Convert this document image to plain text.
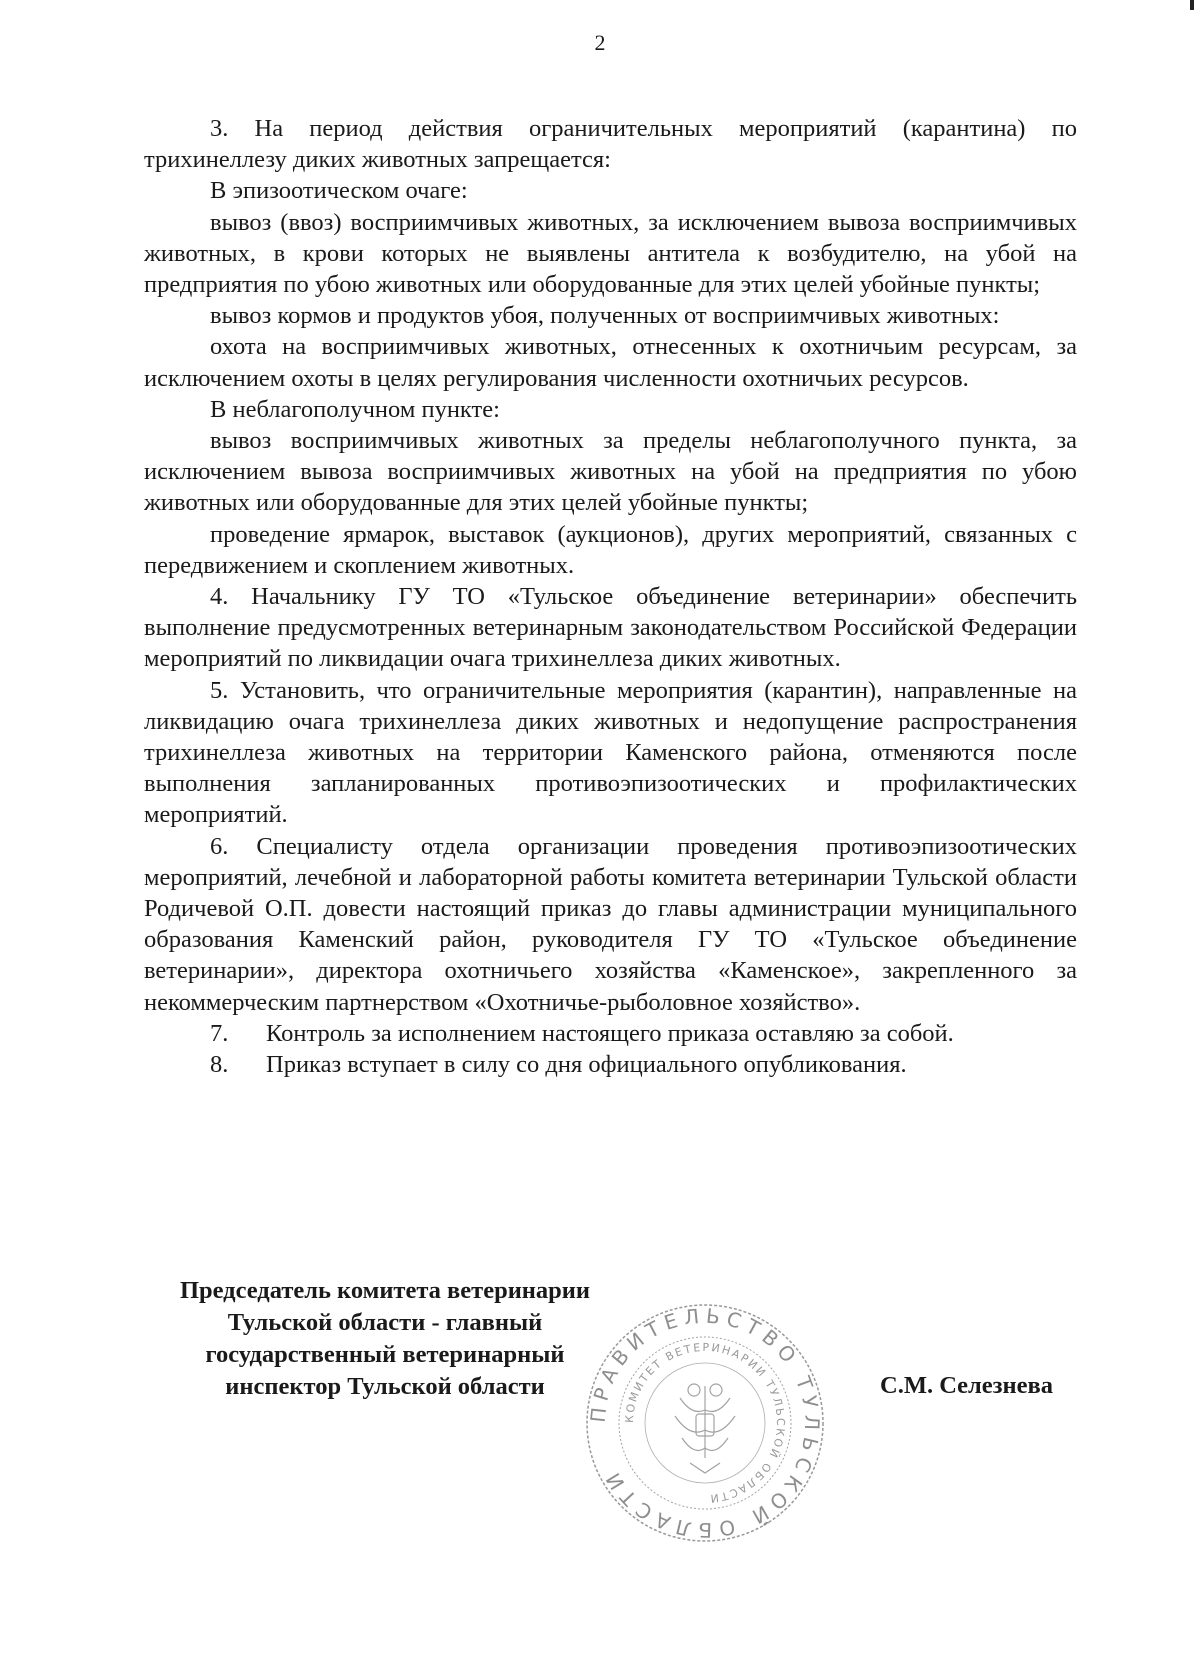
2

3. На период действия ограничительных мероприятий (карантина) по трихинеллезу диких животных запрещается:

В эпизоотическом очаге:

вывоз (ввоз) восприимчивых животных, за исключением вывоза восприимчивых животных, в крови которых не выявлены антитела к возбудителю, на убой на предприятия по убою животных или оборудованные для этих целей убойные пункты;

вывоз кормов и продуктов убоя, полученных от восприимчивых животных:

охота на восприимчивых животных, отнесенных к охотничьим ресурсам, за исключением охоты в целях регулирования численности охотничьих ресурсов.

В неблагополучном пункте:

вывоз восприимчивых животных за пределы неблагополучного пункта, за исключением вывоза восприимчивых животных на убой на предприятия по убою животных или оборудованные для этих целей убойные пункты;

проведение ярмарок, выставок (аукционов), других мероприятий, связанных с передвижением и скоплением животных.

4. Начальнику ГУ ТО «Тульское объединение ветеринарии» обеспечить выполнение предусмотренных ветеринарным законодательством Российской Федерации мероприятий по ликвидации очага трихинеллеза диких животных.

5. Установить, что ограничительные мероприятия (карантин), направленные на ликвидацию очага трихинеллеза диких животных и недопущение распространения трихинеллеза животных на территории Каменского района, отменяются после выполнения запланированных противоэпизоотических и профилактических мероприятий.

6. Специалисту отдела организации проведения противоэпизоотических мероприятий, лечебной и лабораторной работы комитета ветеринарии Тульской области Родичевой О.П. довести настоящий приказ до главы администрации муниципального образования Каменский район, руководителя ГУ ТО «Тульское объединение ветеринарии», директора охотничьего хозяйства «Каменское», закрепленного за некоммерческим партнерством «Охотничье-рыболовное хозяйство».

7.	Контроль за исполнением настоящего приказа оставляю за собой.
8.	Приказ вступает в силу со дня официального опубликования.
Председатель комитета ветеринарии
Тульской области - главный
государственный ветеринарный
инспектор Тульской области
ПРАВИТЕЛЬСТВО ТУЛЬСКОЙ ОБЛАСТИ
КОМИТЕТ ВЕТЕРИНАРИИ ТУЛЬСКОЙ ОБЛАСТИ
С.М. Селезнева
